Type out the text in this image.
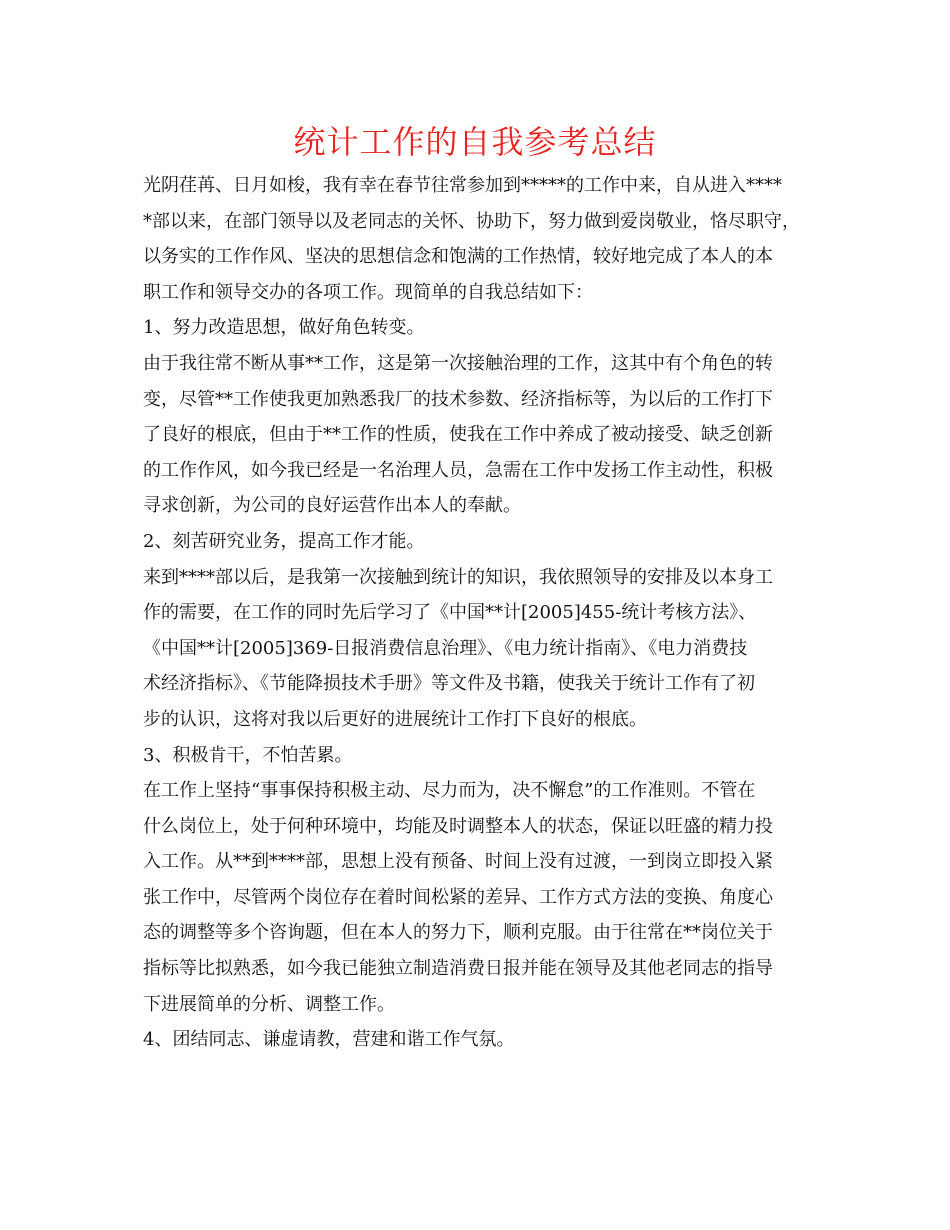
统计工作的自我参考总结
光阴荏苒、日月如梭，我有幸在春节往常参加到*****的工作中来，自从进入****
*部以来，在部门领导以及老同志的关怀、协助下，努力做到爱岗敬业，恪尽职守，
以务实的工作作风、坚决的思想信念和饱满的工作热情，较好地完成了本人的本
职工作和领导交办的各项工作。现简单的自我总结如下：
1、努力改造思想，做好角色转变。
由于我往常不断从事**工作，这是第一次接触治理的工作，这其中有个角色的转
变，尽管**工作使我更加熟悉我厂的技术参数、经济指标等，为以后的工作打下
了良好的根底，但由于**工作的性质，使我在工作中养成了被动接受、缺乏创新
的工作作风，如今我已经是一名治理人员，急需在工作中发扬工作主动性，积极
寻求创新，为公司的良好运营作出本人的奉献。
2、刻苦研究业务，提高工作才能。
来到****部以后，是我第一次接触到统计的知识，我依照领导的安排及以本身工
作的需要，在工作的同时先后学习了《中国**计[2005]455-统计考核方法》、
《中国**计[2005]369-日报消费信息治理》、《电力统计指南》、《电力消费技
术经济指标》、《节能降损技术手册》等文件及书籍，使我关于统计工作有了初
步的认识，这将对我以后更好的进展统计工作打下良好的根底。
3、积极肯干，不怕苦累。
在工作上坚持“事事保持积极主动、尽力而为，决不懈怠”的工作准则。不管在
什么岗位上，处于何种环境中，均能及时调整本人的状态，保证以旺盛的精力投
入工作。从**到****部，思想上没有预备、时间上没有过渡，一到岗立即投入紧
张工作中，尽管两个岗位存在着时间松紧的差异、工作方式方法的变换、角度心
态的调整等多个咨询题，但在本人的努力下，顺利克服。由于往常在**岗位关于
指标等比拟熟悉，如今我已能独立制造消费日报并能在领导及其他老同志的指导
下进展简单的分析、调整工作。
4、团结同志、谦虚请教，营建和谐工作气氛。
